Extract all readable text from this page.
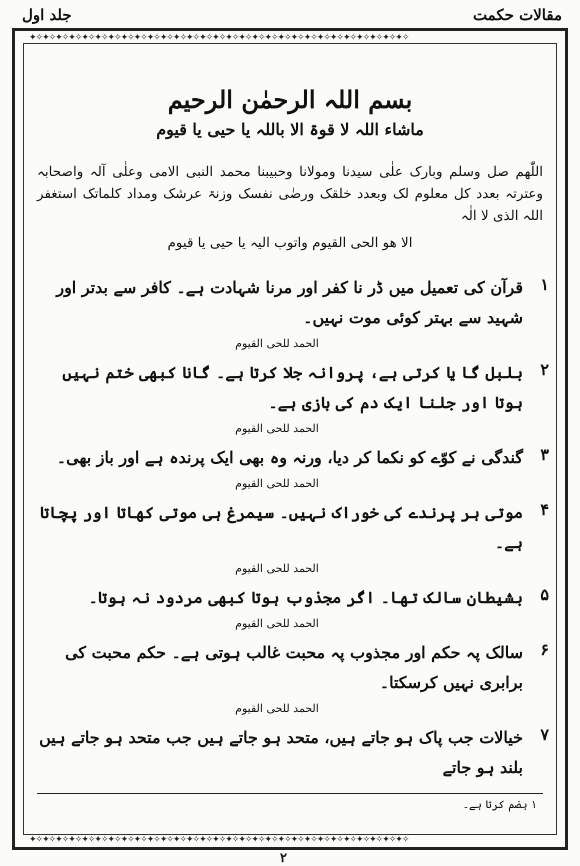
مقالات حکمت
جلد اول
✦✧✦✧✦✧✦✧✦✧✦✧✦✧✦✧✦✧✦✧✦✧✦✧✦✧✦✧✦✧✦✧✦✧✦✧✦✧✦✧✦✧✦✧✦✧✦✧✦✧✦✧✦✧✦✧✦✧
✦✧✦✧✦✧✦✧✦✧✦✧✦✧✦✧✦✧✦✧✦✧✦✧✦✧✦✧✦✧✦✧✦✧✦✧✦✧✦✧✦✧✦✧✦✧✦✧✦✧✦✧✦✧✦✧✦✧
بسم اللہ الرحمٰن الرحیم
ماشاء اللہ لا قوۃ الا باللہ یا حیی یا قیوم
اللّٰھم صل وسلم وبارک علٰی سیدنا ومولانا وحبیبنا محمد النبی الامی وعلٰی آلہ واصحابہ وعترتہ بعدد کل معلوم لک وبعدد خلقک ورضٰی نفسک وزنۃ عرشک ومداد کلماتک استغفر اللہ الذی لا الٰہ
الا ھو الحی القیوم واتوب الیہ یا حیی یا قیوم
۱
قرآن کی تعمیل میں ڈر نا کفر اور مرنا شہادت ہے۔ کافر سے بدتر اور شہید سے بہتر کوئی موت نہیں۔
الحمد للحی القیوم
۲
بلبل گا یا کرتی ہے، پروانہ جلا کرتا ہے۔ گانا کبھی ختم نہیں ہوتا اور جلنا ایک دم کی بازی ہے۔
الحمد للحی القیوم
۳
گندگی نے کوّے کو نکما کر دیا، ورنہ وہ بھی ایک پرندہ ہے اور باز بھی۔
الحمد للحی القیوم
۴
موتی ہر پرندے کی خوراک نہیں۔ سیمرغ ہی موتی کھاتا اور پچاتا ہے۔
الحمد للحی القیوم
۵
بشیطان سالک تھا۔ اگر مجذوب ہوتا کبھی مردود نہ ہوتا۔
الحمد للحی القیوم
۶
سالک پہ حکم اور مجذوب پہ محبت غالب ہوتی ہے۔ حکم محبت کی برابری نہیں کرسکتا۔
الحمد للحی القیوم
۷
خیالات جب پاک ہو جاتے ہیں، متحد ہو جاتے ہیں جب متحد ہو جاتے ہیں بلند ہو جاتے
۱ ہضم کرتا ہے۔
۲
